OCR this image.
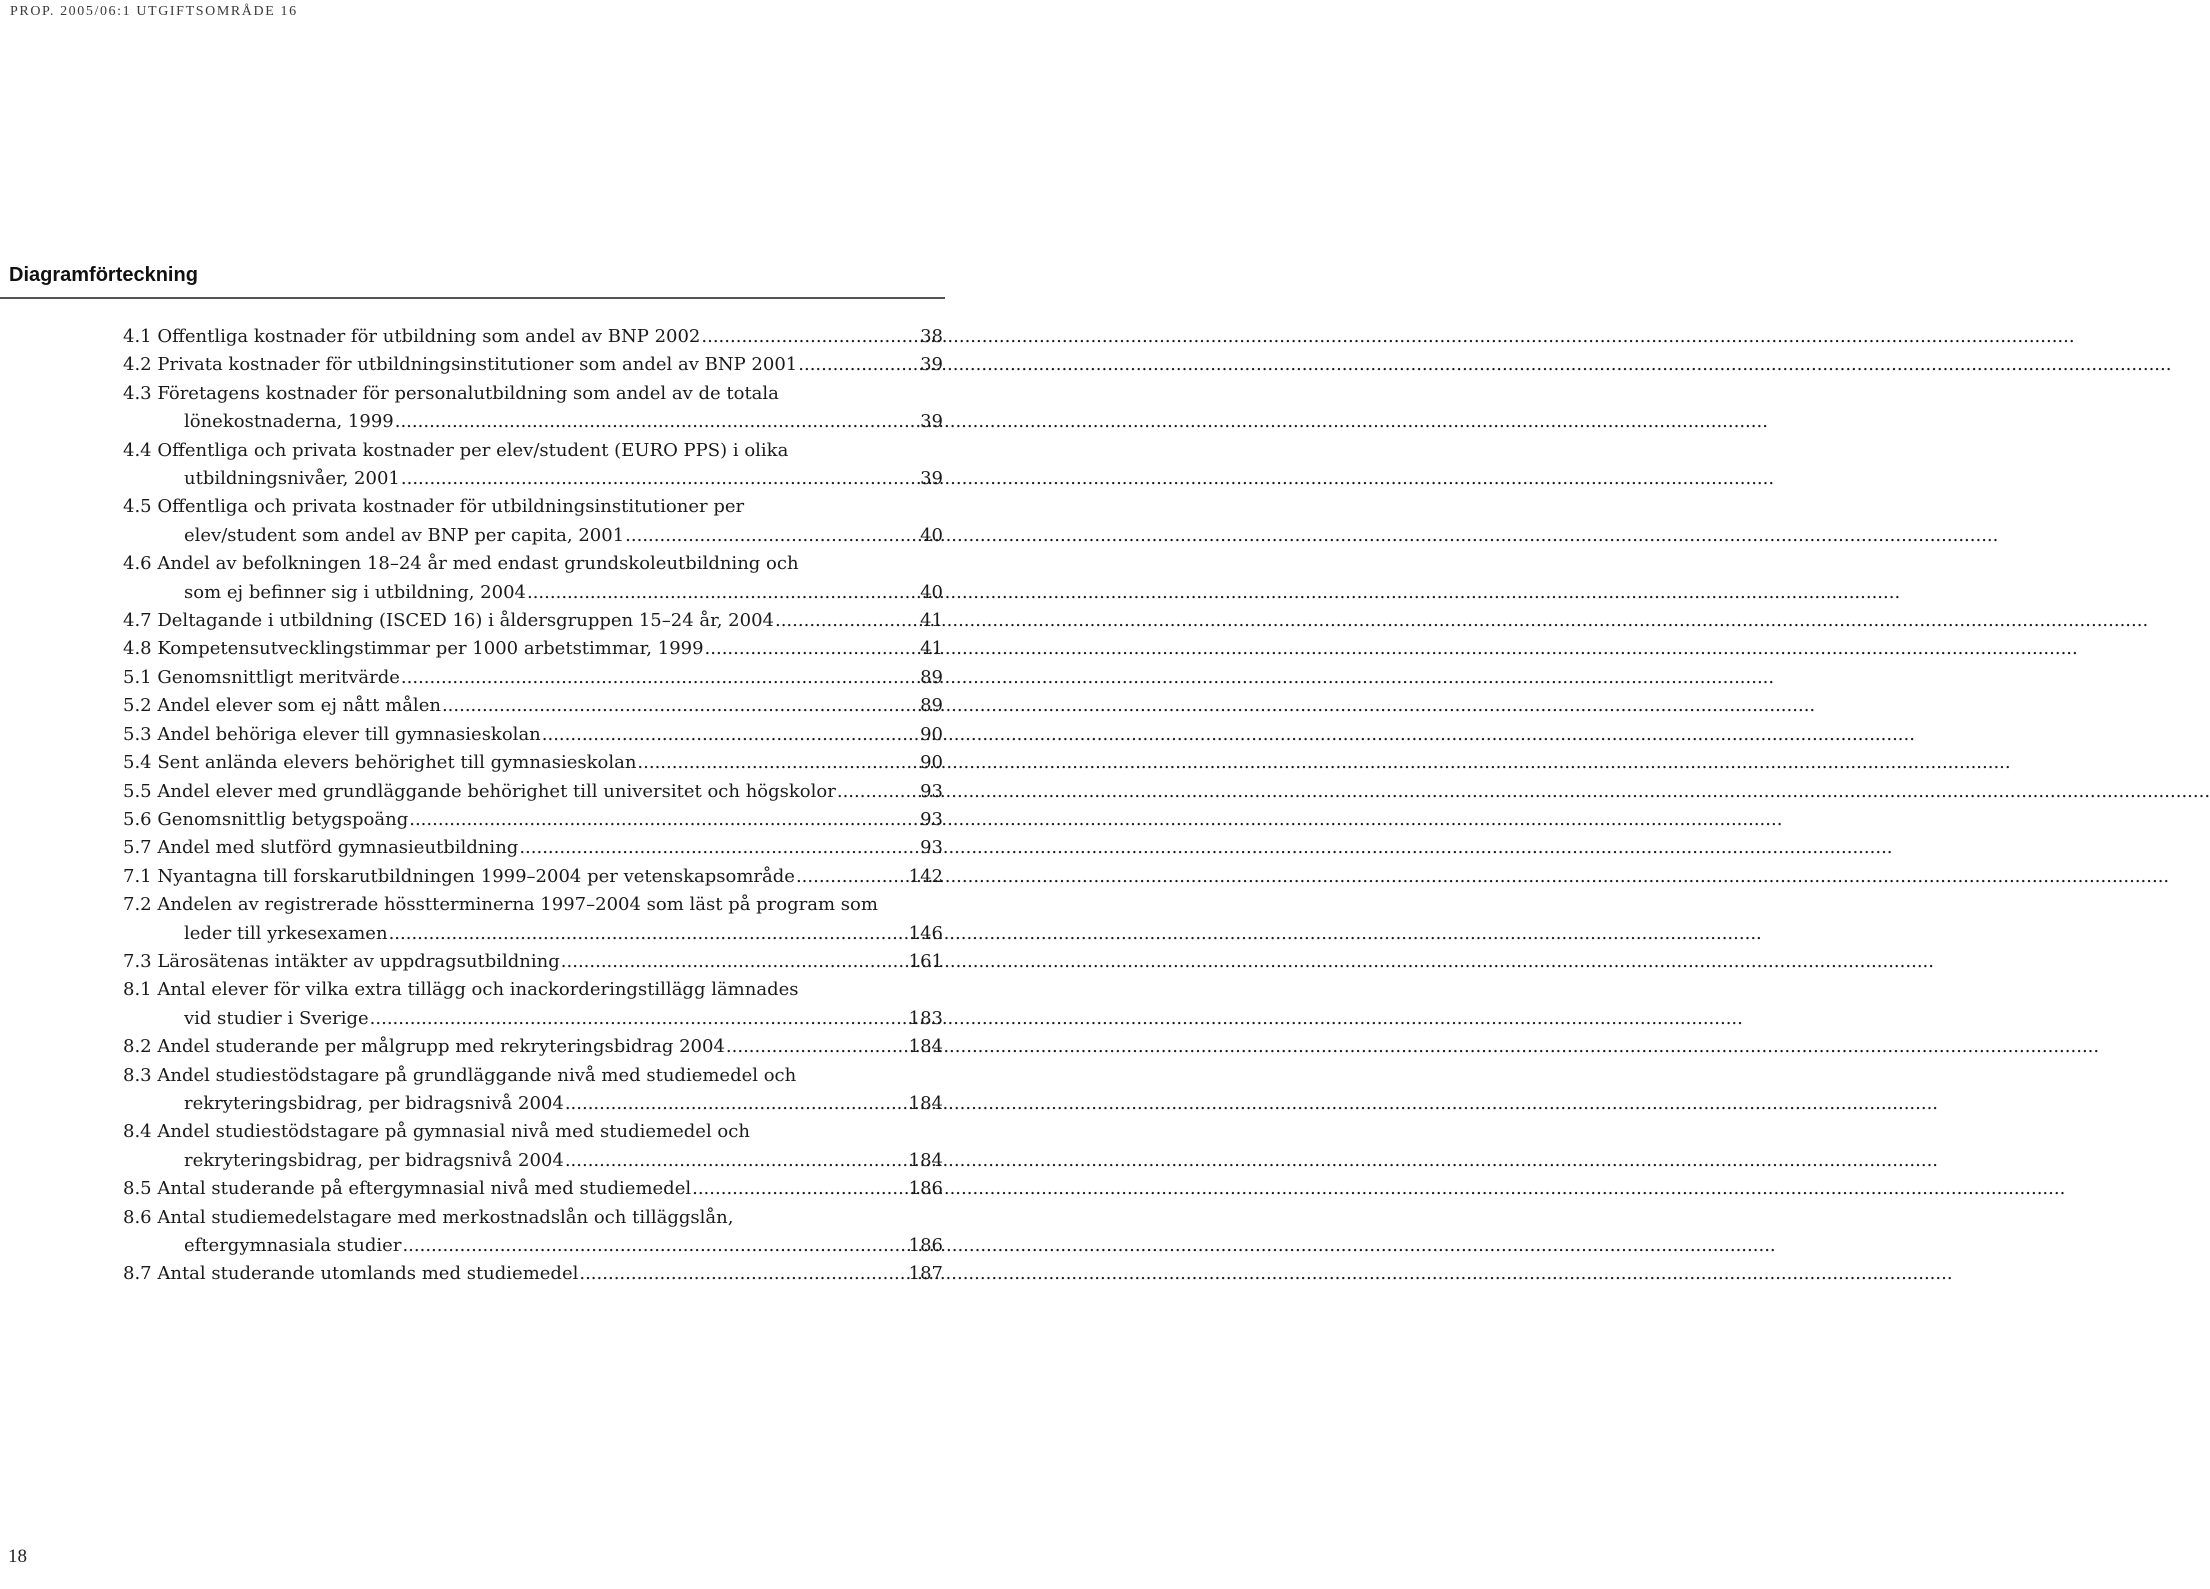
PROP. 2005/06:1 UTGIFTSOMRÅDE 16
Diagramförteckning
4.1 Offentliga kostnader för utbildning som andel av BNP 2002 .....	38
4.2 Privata kostnader för utbildningsinstitutioner som andel av BNP 2001 .....	39
4.3 Företagens kostnader för personalutbildning som andel av de totala
lönekostnaderna, 1999 .....	39
4.4 Offentliga och privata kostnader per elev/student (EURO PPS) i olika
utbildningsnivåer, 2001 .....	39
4.5 Offentliga och privata kostnader för utbildningsinstitutioner per
elev/student som andel av BNP per capita, 2001 .....	40
4.6 Andel av befolkningen 18–24 år med endast grundskoleutbildning och
som ej befinner sig i utbildning, 2004 .....	40
4.7 Deltagande i utbildning (ISCED 16) i åldersgruppen 15–24 år, 2004 .....	41
4.8 Kompetensutvecklingstimmar per 1000 arbetstimmar, 1999 .....	41
5.1 Genomsnittligt meritvärde .....	89
5.2 Andel elever som ej nått målen .....	89
5.3 Andel behöriga elever till gymnasieskolan .....	90
5.4 Sent anlända elevers behörighet till gymnasieskolan .....	90
5.5 Andel elever med grundläggande behörighet till universitet och högskolor .....	93
5.6 Genomsnittlig betygspoäng .....	93
5.7 Andel med slutförd gymnasieutbildning .....	93
7.1 Nyantagna till forskarutbildningen 1999–2004 per vetenskapsområde .....	142
7.2 Andelen av registrerade hösstterminerna 1997–2004 som läst på program som
leder till yrkesexamen .....	146
7.3 Lärosätenas intäkter av uppdragsutbildning .....	161
8.1 Antal elever för vilka extra tillägg och inackorderingstillägg lämnades
vid studier i Sverige .....	183
8.2 Andel studerande per målgrupp med rekryteringsbidrag 2004 .....	184
8.3 Andel studiestödstagare på grundläggande nivå med studiemedel och
rekryteringsbidrag, per bidragsnivå 2004 .....	184
8.4 Andel studiestödstagare på gymnasial nivå med studiemedel och
rekryteringsbidrag, per bidragsnivå 2004 .....	184
8.5 Antal studerande på eftergymnasial nivå med studiemedel .....	186
8.6 Antal studiemedelstagare med merkostnadslån och tilläggslån,
eftergymnasiala studier .....	186
8.7 Antal studerande utomlands med studiemedel .....	187
18
